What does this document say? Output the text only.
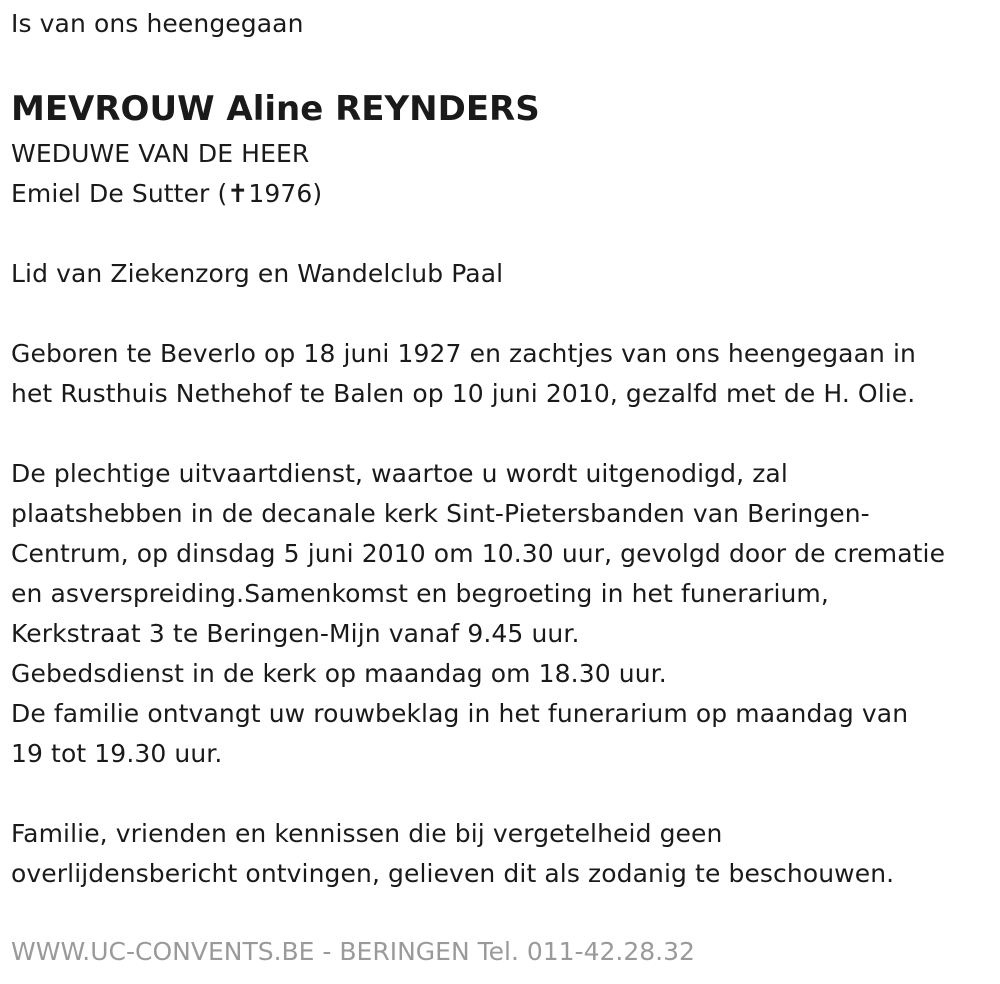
Is van ons heengegaan
MEVROUW Aline REYNDERS
WEDUWE VAN DE HEER
Emiel De Sutter (✝1976)
Lid van Ziekenzorg en Wandelclub Paal
Geboren te Beverlo op 18 juni 1927 en zachtjes van ons heengegaan in
het Rusthuis Nethehof te Balen op 10 juni 2010, gezalfd met de H. Olie.
De plechtige uitvaartdienst, waartoe u wordt uitgenodigd, zal
plaatshebben in de decanale kerk Sint-Pietersbanden van Beringen-
Centrum, op dinsdag 5 juni 2010 om 10.30 uur, gevolgd door de crematie
en asverspreiding.Samenkomst en begroeting in het funerarium,
Kerkstraat 3 te Beringen-Mijn vanaf 9.45 uur.
Gebedsdienst in de kerk op maandag om 18.30 uur.
De familie ontvangt uw rouwbeklag in het funerarium op maandag van
19 tot 19.30 uur.
Familie, vrienden en kennissen die bij vergetelheid geen
overlijdensbericht ontvingen, gelieven dit als zodanig te beschouwen.
WWW.UC-CONVENTS.BE - BERINGEN Tel. 011-42.28.32
